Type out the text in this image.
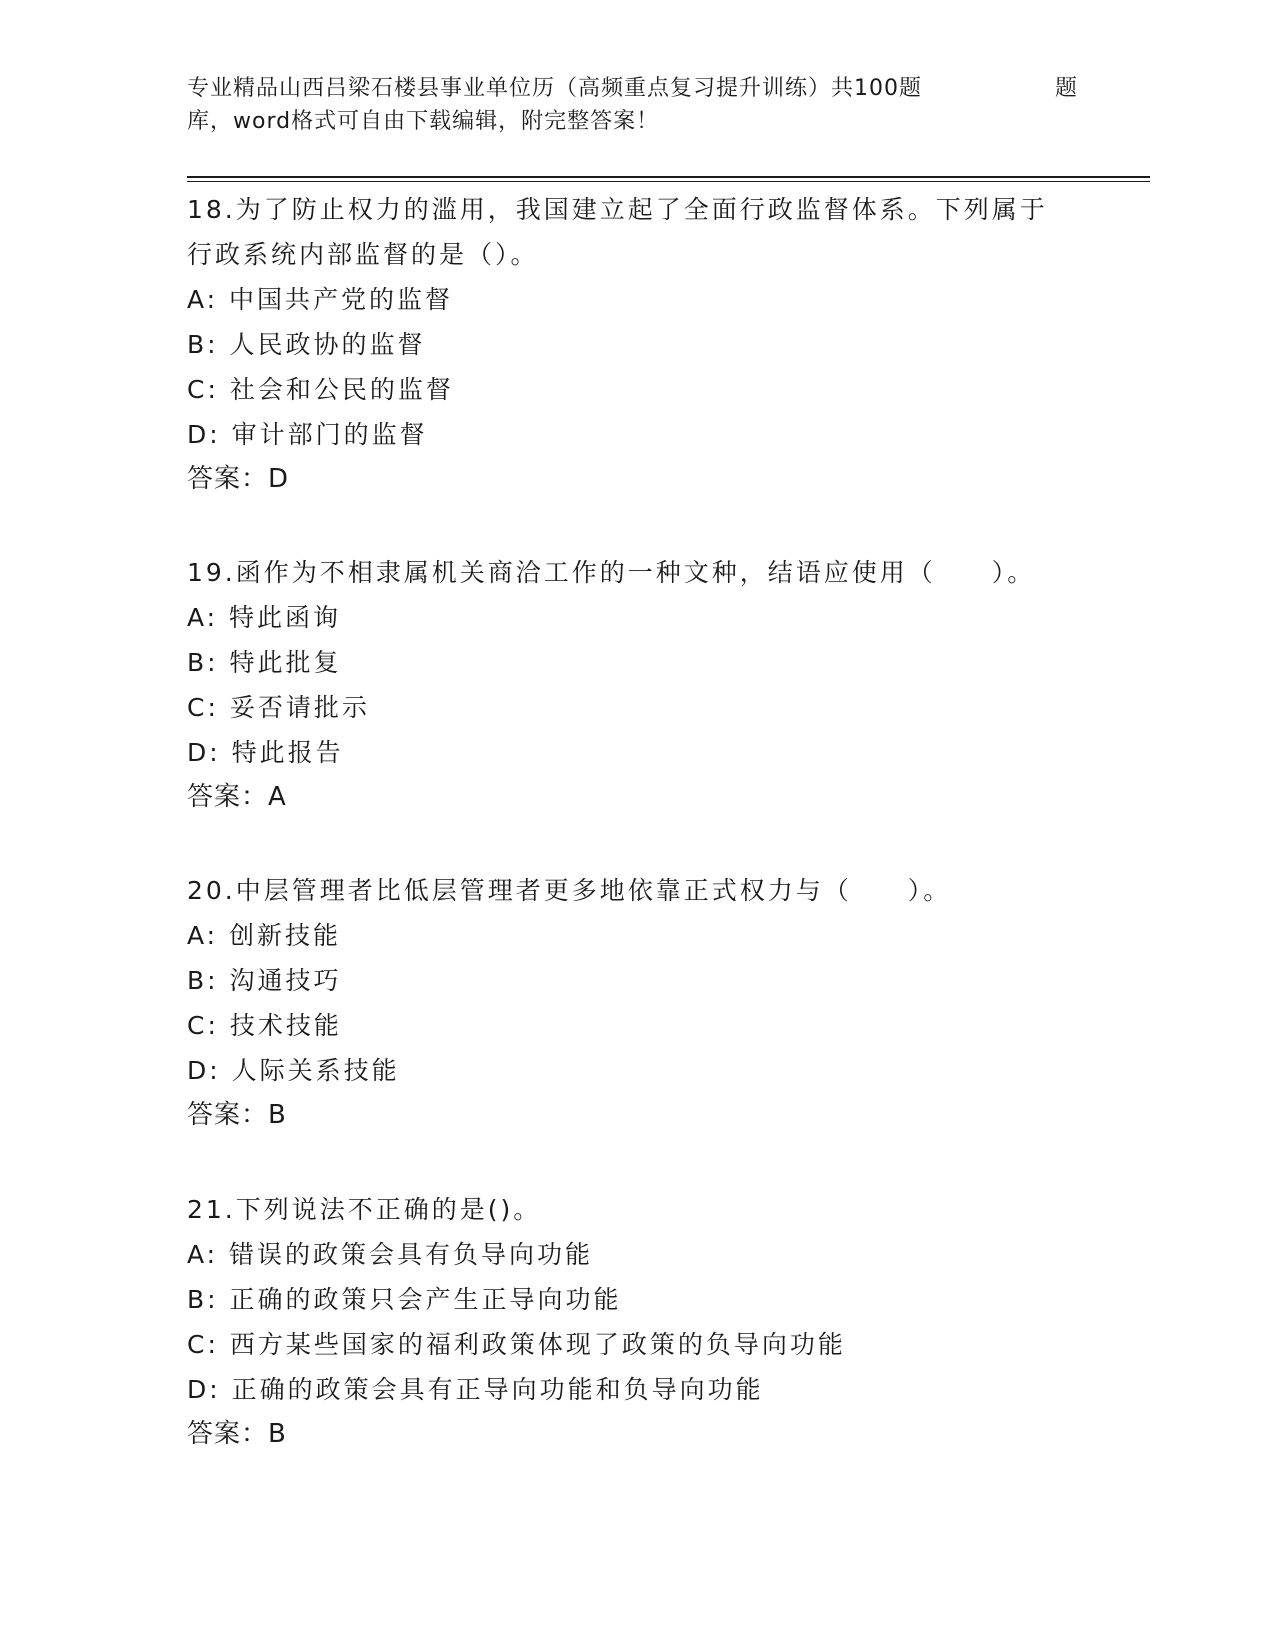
专业精品山西吕梁石楼县事业单位历（高频重点复习提升训练）共100题	题
库，word格式可自由下载编辑，附完整答案！
18.为了防止权力的滥用，我国建立起了全面行政监督体系。下列属于
行政系统内部监督的是（）。
A: 中国共产党的监督
B: 人民政协的监督
C: 社会和公民的监督
D: 审计部门的监督
答案：D
19.函作为不相隶属机关商洽工作的一种文种，结语应使用（　　）。
A: 特此函询
B: 特此批复
C: 妥否请批示
D: 特此报告
答案：A
20.中层管理者比低层管理者更多地依靠正式权力与（　　）。
A: 创新技能
B: 沟通技巧
C: 技术技能
D: 人际关系技能
答案：B
21.下列说法不正确的是()。
A: 错误的政策会具有负导向功能
B: 正确的政策只会产生正导向功能
C: 西方某些国家的福利政策体现了政策的负导向功能
D: 正确的政策会具有正导向功能和负导向功能
答案：B
